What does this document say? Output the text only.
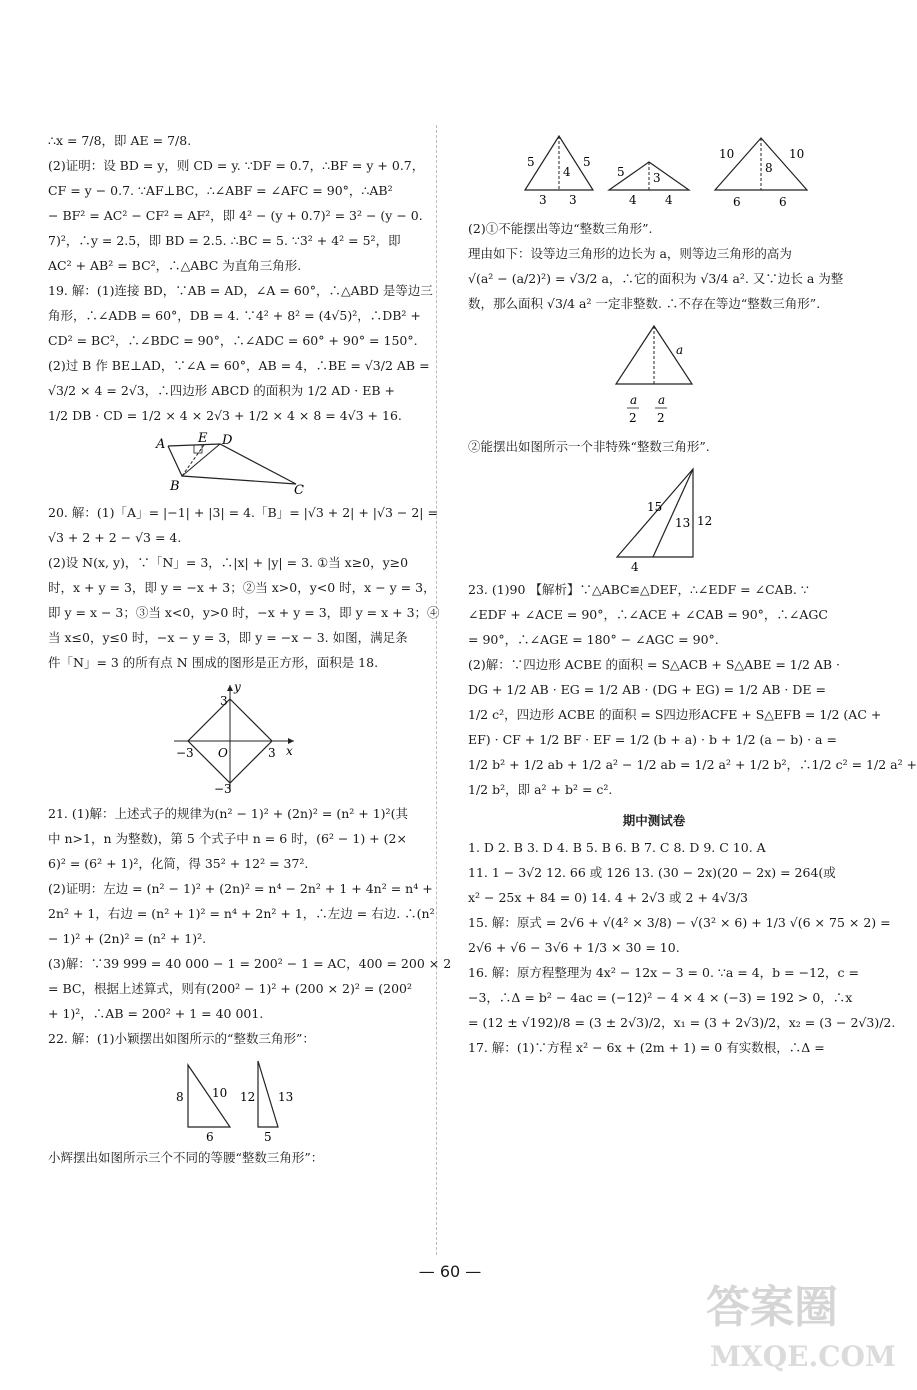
∴x = 7/8，即 AE = 7/8.
(2)证明：设 BD = y，则 CD = y. ∵DF = 0.7，∴BF = y + 0.7，
CF = y − 0.7. ∵AF⊥BC，∴∠ABF = ∠AFC = 90°，∴AB²
− BF² = AC² − CF² = AF²，即 4² − (y + 0.7)² = 3² − (y − 0.
7)²，∴y = 2.5，即 BD = 2.5. ∴BC = 5. ∵3² + 4² = 5²，即
AC² + AB² = BC²，∴△ABC 为直角三角形.
19. 解：(1)连接 BD，∵AB = AD，∠A = 60°，∴△ABD 是等边三
角形，∴∠ADB = 60°，DB = 4. ∵4² + 8² = (4√5)²，∴DB² +
CD² = BC²，∴∠BDC = 90°，∴∠ADC = 60° + 90° = 150°.
(2)过 B 作 BE⊥AD，∵∠A = 60°，AB = 4，∴BE = √3/2 AB =
√3/2 × 4 = 2√3，∴四边形 ABCD 的面积为 1/2 AD · EB +
1/2 DB · CD = 1/2 × 4 × 2√3 + 1/2 × 4 × 8 = 4√3 + 16.
A	E D
B	C
20. 解：(1)「A」= |−1| + |3| = 4.「B」= |√3 + 2| + |√3 − 2| =
√3 + 2 + 2 − √3 = 4.
(2)设 N(x, y)，∵「N」= 3，∴|x| + |y| = 3. ①当 x≥0，y≥0
时，x + y = 3，即 y = −x + 3；②当 x>0，y<0 时，x − y = 3，
即 y = x − 3；③当 x<0，y>0 时，−x + y = 3，即 y = x + 3；④
当 x≤0，y≤0 时，−x − y = 3，即 y = −x − 3. 如图，满足条
件「N」= 3 的所有点 N 围成的图形是正方形，面积是 18.
y
3
−3 O	3 x
−3
21. (1)解：上述式子的规律为(n² − 1)² + (2n)² = (n² + 1)²(其
中 n>1，n 为整数)，第 5 个式子中 n = 6 时，(6² − 1) + (2×
6)² = (6² + 1)²，化简，得 35² + 12² = 37².
(2)证明：左边 = (n² − 1)² + (2n)² = n⁴ − 2n² + 1 + 4n² = n⁴ +
2n² + 1，右边 = (n² + 1)² = n⁴ + 2n² + 1，∴左边 = 右边. ∴(n²
− 1)² + (2n)² = (n² + 1)².
(3)解：∵39 999 = 40 000 − 1 = 200² − 1 = AC，400 = 200 × 2
= BC，根据上述算式，则有(200² − 1)² + (200 × 2)² = (200²
+ 1)²，∴AB = 200² + 1 = 40 001.
22. 解：(1)小颖摆出如图所示的“整数三角形”：
8 10
6
12 13
5
小辉摆出如图所示三个不同的等腰“整数三角形”：
5	5
3
4
3
5 3
4 4
10	10
8
6	6
(2)①不能摆出等边“整数三角形”.
理由如下：设等边三角形的边长为 a，则等边三角形的高为
√(a² − (a/2)²) = √3/2 a，∴它的面积为 √3/4 a². 又∵边长 a 为整
数，那么面积 √3/4 a² 一定非整数. ∴不存在等边“整数三角形”.
a
a
2
a
2
②能摆出如图所示一个非特殊“整数三角形”.
15
13 12
4
23. (1)90 【解析】∵△ABC≌△DEF，∴∠EDF = ∠CAB. ∵
∠EDF + ∠ACE = 90°，∴∠ACE + ∠CAB = 90°，∴∠AGC
= 90°，∴∠AGE = 180° − ∠AGC = 90°.
(2)解：∵四边形 ACBE 的面积 = S△ACB + S△ABE = 1/2 AB ·
DG + 1/2 AB · EG = 1/2 AB · (DG + EG) = 1/2 AB · DE =
1/2 c²，四边形 ACBE 的面积 = S四边形ACFE + S△EFB = 1/2 (AC +
EF) · CF + 1/2 BF · EF = 1/2 (b + a) · b + 1/2 (a − b) · a =
1/2 b² + 1/2 ab + 1/2 a² − 1/2 ab = 1/2 a² + 1/2 b²，∴1/2 c² = 1/2 a² +
1/2 b²，即 a² + b² = c².
期中测试卷
1. D 2. B 3. D 4. B 5. B 6. B 7. C 8. D 9. C 10. A
11. 1 − 3√2 12. 66 或 126 13. (30 − 2x)(20 − 2x) = 264(或
x² − 25x + 84 = 0) 14. 4 + 2√3 或 2 + 4√3/3
15. 解：原式 = 2√6 + √(4² × 3/8) − √(3² × 6) + 1/3 √(6 × 75 × 2) =
2√6 + √6 − 3√6 + 1/3 × 30 = 10.
16. 解：原方程整理为 4x² − 12x − 3 = 0. ∵a = 4，b = −12，c =
−3，∴Δ = b² − 4ac = (−12)² − 4 × 4 × (−3) = 192 > 0，∴x
= (12 ± √192)/8 = (3 ± 2√3)/2，x₁ = (3 + 2√3)/2，x₂ = (3 − 2√3)/2.
17. 解：(1)∵方程 x² − 6x + (2m + 1) = 0 有实数根，∴Δ =
— 60 —
答案圈
MXQE.COM
